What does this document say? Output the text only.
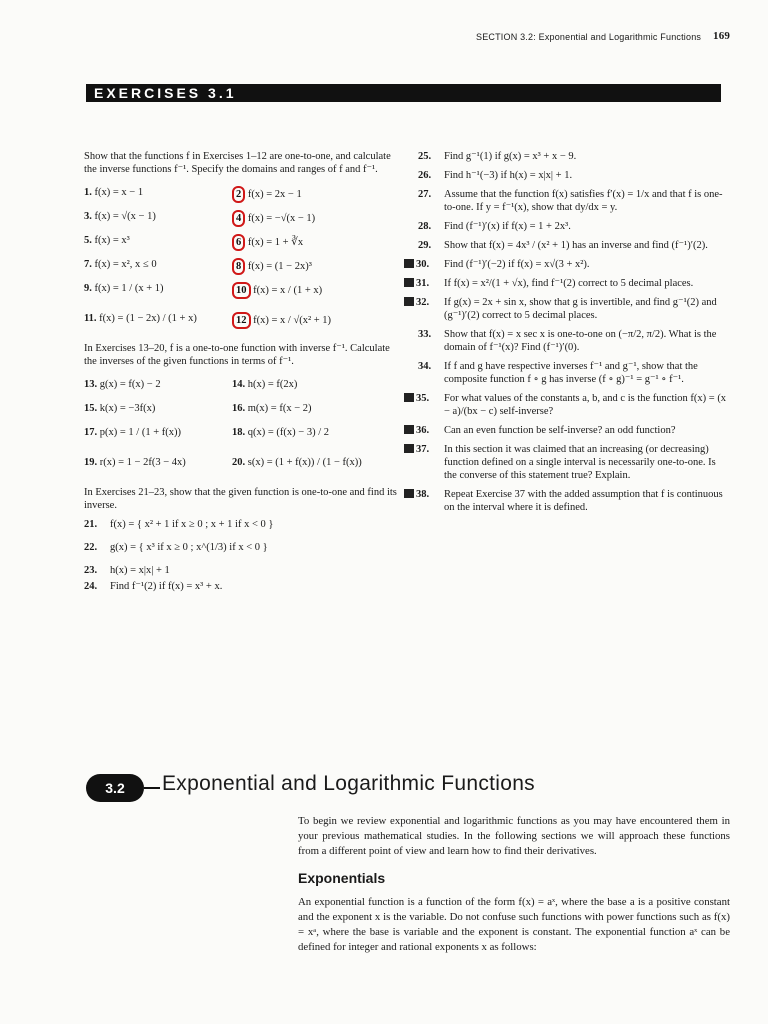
SECTION 3.2: Exponential and Logarithmic Functions 169
EXERCISES 3.1

Show that the functions f in Exercises 1–12 are one-to-one, and calculate the inverse functions f⁻¹. Specify the domains and ranges of f and f⁻¹.

1. f(x) = x − 1	2 f(x) = 2x − 1
3. f(x) = √(x − 1)	4 f(x) = −√(x − 1)
5. f(x) = x³	6 f(x) = 1 + ∛x
7. f(x) = x², x ≤ 0	8 f(x) = (1 − 2x)³
9. f(x) = 1 / (x + 1)	10 f(x) = x / (1 + x)
11. f(x) = (1 − 2x) / (1 + x)	12 f(x) = x / √(x² + 1)

In Exercises 13–20, f is a one-to-one function with inverse f⁻¹. Calculate the inverses of the given functions in terms of f⁻¹.

13. g(x) = f(x) − 2	14. h(x) = f(2x)
15. k(x) = −3f(x)	16. m(x) = f(x − 2)
17. p(x) = 1 / (1 + f(x))	18. q(x) = (f(x) − 3) / 2
19. r(x) = 1 − 2f(3 − 4x)	20. s(x) = (1 + f(x)) / (1 − f(x))

In Exercises 21–23, show that the given function is one-to-one and find its inverse.

21. f(x) = { x² + 1 if x ≥ 0 ; x + 1 if x < 0 }
22. g(x) = { x³ if x ≥ 0 ; x^(1/3) if x < 0 }
23. h(x) = x|x| + 1
24. Find f⁻¹(2) if f(x) = x³ + x.
25. Find g⁻¹(1) if g(x) = x³ + x − 9.
26. Find h⁻¹(−3) if h(x) = x|x| + 1.
27. Assume that the function f(x) satisfies f′(x) = 1/x and that f is one-to-one. If y = f⁻¹(x), show that dy/dx = y.
28. Find (f⁻¹)′(x) if f(x) = 1 + 2x³.
29. Show that f(x) = 4x³ / (x² + 1) has an inverse and find (f⁻¹)′(2).
30. Find (f⁻¹)′(−2) if f(x) = x√(3 + x²).
31. If f(x) = x²/(1 + √x), find f⁻¹(2) correct to 5 decimal places.
32. If g(x) = 2x + sin x, show that g is invertible, and find g⁻¹(2) and (g⁻¹)′(2) correct to 5 decimal places.
33. Show that f(x) = x sec x is one-to-one on (−π/2, π/2). What is the domain of f⁻¹(x)? Find (f⁻¹)′(0).
34. If f and g have respective inverses f⁻¹ and g⁻¹, show that the composite function f ∘ g has inverse (f ∘ g)⁻¹ = g⁻¹ ∘ f⁻¹.
35. For what values of the constants a, b, and c is the function f(x) = (x − a)/(bx − c) self-inverse?
36. Can an even function be self-inverse? an odd function?
37. In this section it was claimed that an increasing (or decreasing) function defined on a single interval is necessarily one-to-one. Is the converse of this statement true? Explain.
38. Repeat Exercise 37 with the added assumption that f is continuous on the interval where it is defined.
3.2	Exponential and Logarithmic Functions

To begin we review exponential and logarithmic functions as you may have encountered them in your previous mathematical studies. In the following sections we will approach these functions from a different point of view and learn how to find their derivatives.

Exponentials

An exponential function is a function of the form f(x) = aˣ, where the base a is a positive constant and the exponent x is the variable. Do not confuse such functions with power functions such as f(x) = xᵃ, where the base is variable and the exponent is constant. The exponential function aˣ can be defined for integer and rational exponents x as follows:
